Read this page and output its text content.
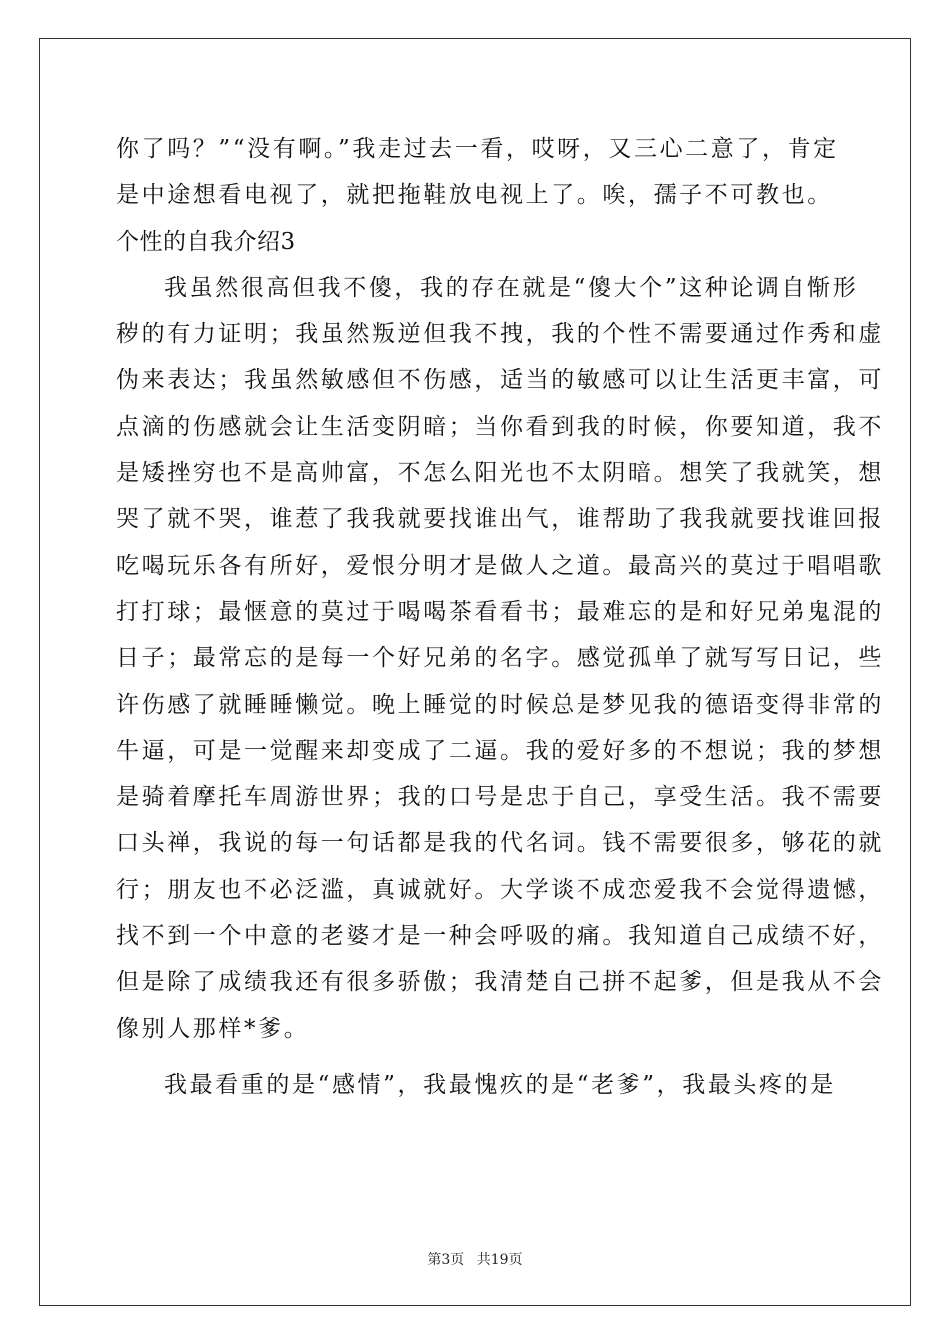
你了吗？”“没有啊。”我走过去一看，哎呀，又三心二意了，肯定
是中途想看电视了，就把拖鞋放电视上了。唉，孺子不可教也。
个性的自我介绍3
我虽然很高但我不傻，我的存在就是“傻大个”这种论调自惭形
秽的有力证明；我虽然叛逆但我不拽，我的个性不需要通过作秀和虚
伪来表达；我虽然敏感但不伤感，适当的敏感可以让生活更丰富，可
点滴的伤感就会让生活变阴暗；当你看到我的时候，你要知道，我不
是矮挫穷也不是高帅富，不怎么阳光也不太阴暗。想笑了我就笑，想
哭了就不哭，谁惹了我我就要找谁出气，谁帮助了我我就要找谁回报
吃喝玩乐各有所好，爱恨分明才是做人之道。最高兴的莫过于唱唱歌
打打球；最惬意的莫过于喝喝茶看看书；最难忘的是和好兄弟鬼混的
日子；最常忘的是每一个好兄弟的名字。感觉孤单了就写写日记，些
许伤感了就睡睡懒觉。晚上睡觉的时候总是梦见我的德语变得非常的
牛逼，可是一觉醒来却变成了二逼。我的爱好多的不想说；我的梦想
是骑着摩托车周游世界；我的口号是忠于自己，享受生活。我不需要
口头禅，我说的每一句话都是我的代名词。钱不需要很多，够花的就
行；朋友也不必泛滥，真诚就好。大学谈不成恋爱我不会觉得遗憾，
找不到一个中意的老婆才是一种会呼吸的痛。我知道自己成绩不好，
但是除了成绩我还有很多骄傲；我清楚自己拼不起爹，但是我从不会
像别人那样*爹。
我最看重的是“感情”，我最愧疚的是“老爹”，我最头疼的是
第3页 共19页
